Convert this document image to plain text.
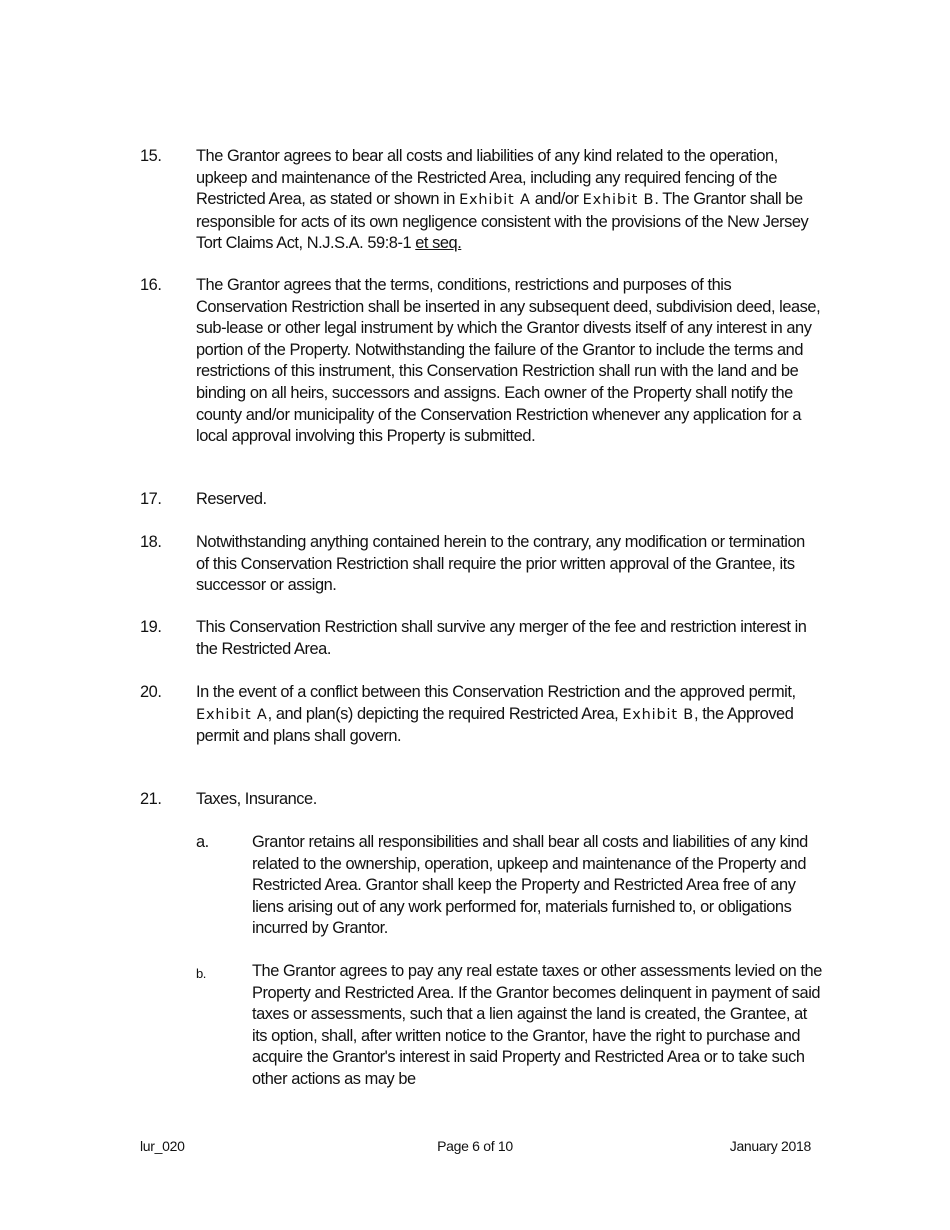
15. The Grantor agrees to bear all costs and liabilities of any kind related to the operation, upkeep and maintenance of the Restricted Area, including any required fencing of the Restricted Area, as stated or shown in Exhibit A and/or Exhibit B. The Grantor shall be responsible for acts of its own negligence consistent with the provisions of the New Jersey Tort Claims Act, N.J.S.A. 59:8-1 et seq.
16. The Grantor agrees that the terms, conditions, restrictions and purposes of this Conservation Restriction shall be inserted in any subsequent deed, subdivision deed, lease, sub-lease or other legal instrument by which the Grantor divests itself of any interest in any portion of the Property. Notwithstanding the failure of the Grantor to include the terms and restrictions of this instrument, this Conservation Restriction shall run with the land and be binding on all heirs, successors and assigns. Each owner of the Property shall notify the county and/or municipality of the Conservation Restriction whenever any application for a local approval involving this Property is submitted.
17. Reserved.
18. Notwithstanding anything contained herein to the contrary, any modification or termination of this Conservation Restriction shall require the prior written approval of the Grantee, its successor or assign.
19. This Conservation Restriction shall survive any merger of the fee and restriction interest in the Restricted Area.
20. In the event of a conflict between this Conservation Restriction and the approved permit, Exhibit A, and plan(s) depicting the required Restricted Area, Exhibit B, the Approved permit and plans shall govern.
21. Taxes, Insurance.
a.	Grantor retains all responsibilities and shall bear all costs and liabilities of any kind related to the ownership, operation, upkeep and maintenance of the Property and Restricted Area. Grantor shall keep the Property and Restricted Area free of any liens arising out of any work performed for, materials furnished to, or obligations incurred by Grantor.
b.	The Grantor agrees to pay any real estate taxes or other assessments levied on the Property and Restricted Area. If the Grantor becomes delinquent in payment of said taxes or assessments, such that a lien against the land is created, the Grantee, at its option, shall, after written notice to the Grantor, have the right to purchase and acquire the Grantor's interest in said Property and Restricted Area or to take such other actions as may be
lur_020	Page 6 of 10	January 2018
